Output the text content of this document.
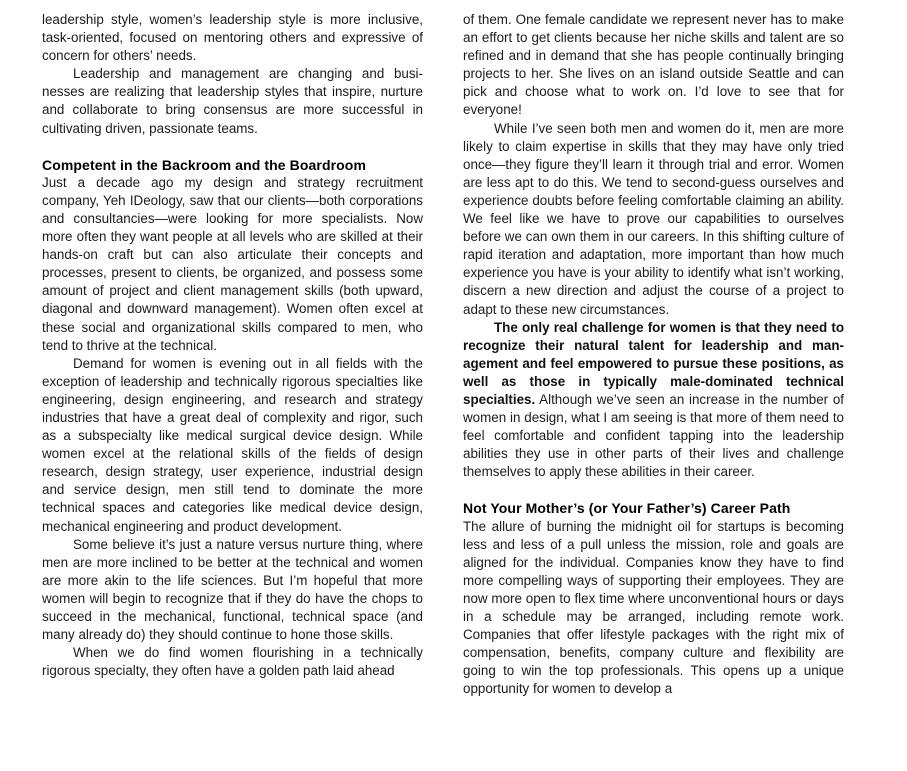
leadership style, women’s leadership style is more inclusive, task-oriented, focused on mentoring others and expressive of concern for others’ needs.

Leadership and management are changing and businesses are realizing that leadership styles that inspire, nurture and collaborate to bring consensus are more successful in cultivating driven, passionate teams.

Competent in the Backroom and the Boardroom

Just a decade ago my design and strategy recruitment company, Yeh IDeology, saw that our clients—both corporations and consultancies—were looking for more specialists. Now more often they want people at all levels who are skilled at their hands-on craft but can also articulate their concepts and processes, present to clients, be organized, and possess some amount of project and client management skills (both upward, diagonal and downward management). Women often excel at these social and organizational skills compared to men, who tend to thrive at the technical.

Demand for women is evening out in all fields with the exception of leadership and technically rigorous specialties like engineering, design engineering, and research and strategy industries that have a great deal of complexity and rigor, such as a subspecialty like medical surgical device design. While women excel at the relational skills of the fields of design research, design strategy, user experience, industrial design and service design, men still tend to dominate the more technical spaces and categories like medical device design, mechanical engineering and product development.

Some believe it’s just a nature versus nurture thing, where men are more inclined to be better at the technical and women are more akin to the life sciences. But I’m hopeful that more women will begin to recognize that if they do have the chops to succeed in the mechanical, functional, technical space (and many already do) they should continue to hone those skills.

When we do find women flourishing in a technically rigorous specialty, they often have a golden path laid ahead

of them. One female candidate we represent never has to make an effort to get clients because her niche skills and talent are so refined and in demand that she has people continually bringing projects to her. She lives on an island outside Seattle and can pick and choose what to work on. I’d love to see that for everyone!

While I’ve seen both men and women do it, men are more likely to claim expertise in skills that they may have only tried once—they figure they’ll learn it through trial and error. Women are less apt to do this. We tend to second-guess ourselves and experience doubts before feeling comfortable claiming an ability. We feel like we have to prove our capabilities to ourselves before we can own them in our careers. In this shifting culture of rapid iteration and adaptation, more important than how much experience you have is your ability to identify what isn’t working, discern a new direction and adjust the course of a project to adapt to these new circumstances.

The only real challenge for women is that they need to recognize their natural talent for leadership and management and feel empowered to pursue these positions, as well as those in typically male-dominated technical specialties. Although we’ve seen an increase in the number of women in design, what I am seeing is that more of them need to feel comfortable and confident tapping into the leadership abilities they use in other parts of their lives and challenge themselves to apply these abilities in their career.

Not Your Mother’s (or Your Father’s) Career Path

The allure of burning the midnight oil for startups is becoming less and less of a pull unless the mission, role and goals are aligned for the individual. Companies know they have to find more compelling ways of supporting their employees. They are now more open to flex time where unconventional hours or days in a schedule may be arranged, including remote work. Companies that offer lifestyle packages with the right mix of compensation, benefits, company culture and flexibility are going to win the top professionals. This opens up a unique opportunity for women to develop a
